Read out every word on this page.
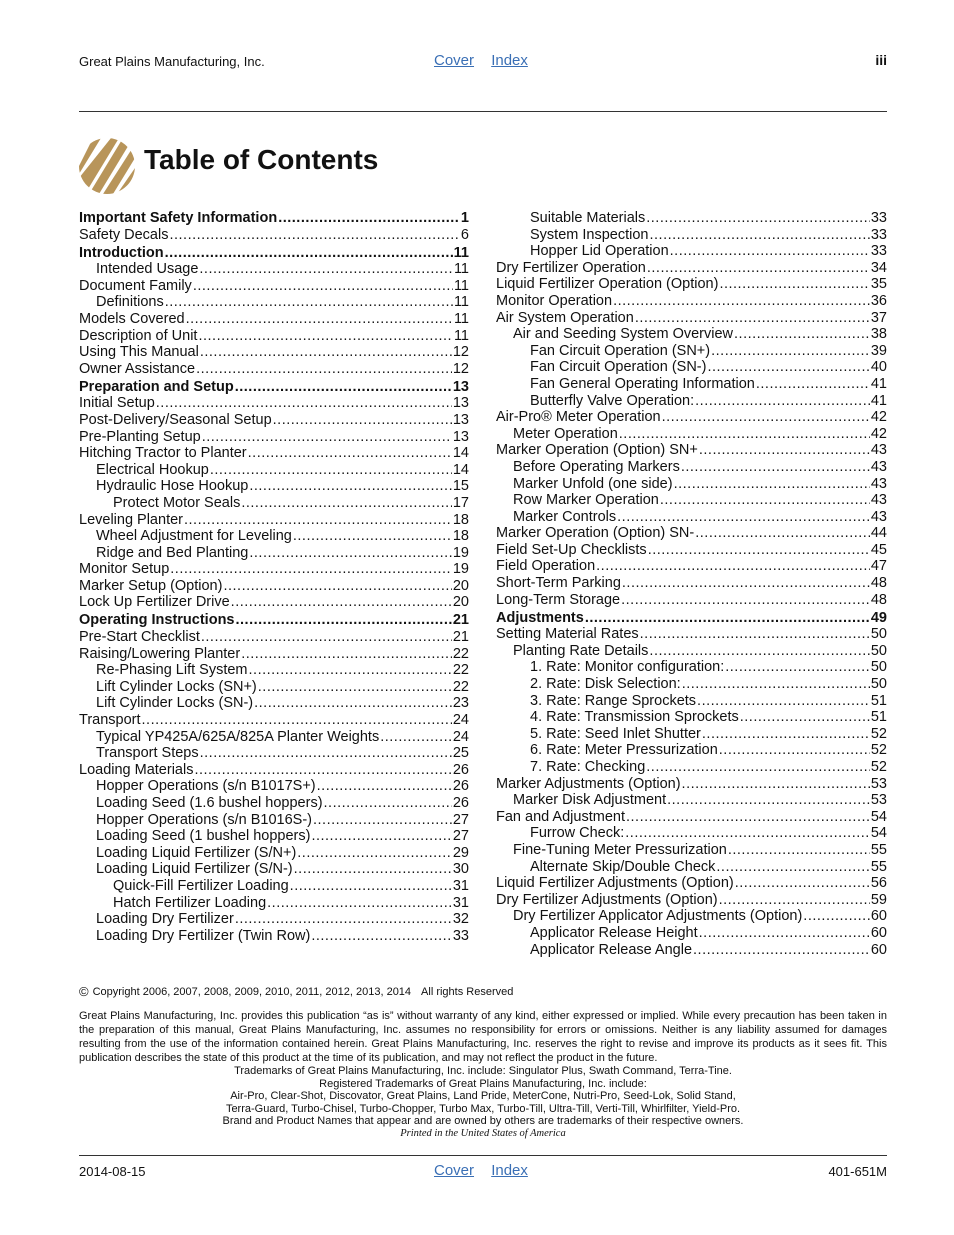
Great Plains Manufacturing, Inc.	Cover Index	iii
Table of Contents
Important Safety Information .....	1
Safety Decals .....	6
Introduction .....	11
Intended Usage .....	11
Document Family .....	11
Definitions .....	11
Models Covered .....	11
Description of Unit .....	11
Using This Manual .....	12
Owner Assistance .....	12
Preparation and Setup .....	13
Initial Setup .....	13
Post-Delivery/Seasonal Setup .....	13
Pre-Planting Setup .....	13
Hitching Tractor to Planter .....	14
Electrical Hookup .....	14
Hydraulic Hose Hookup .....	15
Protect Motor Seals .....	17
Leveling Planter .....	18
Wheel Adjustment for Leveling .....	18
Ridge and Bed Planting .....	19
Monitor Setup .....	19
Marker Setup (Option) .....	20
Lock Up Fertilizer Drive .....	20
Operating Instructions .....	21
Pre-Start Checklist .....	21
Raising/Lowering Planter .....	22
Re-Phasing Lift System .....	22
Lift Cylinder Locks (SN+) .....	22
Lift Cylinder Locks (SN-) .....	23
Transport .....	24
Typical YP425A/625A/825A Planter Weights .....	24
Transport Steps .....	25
Loading Materials .....	26
Hopper Operations (s/n B1017S+) .....	26
Loading Seed (1.6 bushel hoppers) .....	26
Hopper Operations (s/n B1016S-) .....	27
Loading Seed (1 bushel hoppers) .....	27
Loading Liquid Fertilizer (S/N+) .....	29
Loading Liquid Fertilizer (S/N-) .....	30
Quick-Fill Fertilizer Loading .....	31
Hatch Fertilizer Loading .....	31
Loading Dry Fertilizer .....	32
Loading Dry Fertilizer (Twin Row) .....	33
Suitable Materials .....	33
System Inspection .....	33
Hopper Lid Operation .....	33
Dry Fertilizer Operation .....	34
Liquid Fertilizer Operation (Option) .....	35
Monitor Operation .....	36
Air System Operation .....	37
Air and Seeding System Overview .....	38
Fan Circuit Operation (SN+) .....	39
Fan Circuit Operation (SN-) .....	40
Fan General Operating Information .....	41
Butterfly Valve Operation: .....	41
Air-Pro® Meter Operation .....	42
Meter Operation .....	42
Marker Operation (Option) SN+ .....	43
Before Operating Markers .....	43
Marker Unfold (one side) .....	43
Row Marker Operation .....	43
Marker Controls .....	43
Marker Operation (Option) SN- .....	44
Field Set-Up Checklists .....	45
Field Operation .....	47
Short-Term Parking .....	48
Long-Term Storage .....	48
Adjustments .....	49
Setting Material Rates .....	50
Planting Rate Details .....	50
1. Rate: Monitor configuration: .....	50
2. Rate: Disk Selection: .....	50
3. Rate: Range Sprockets .....	51
4. Rate: Transmission Sprockets .....	51
5. Rate: Seed Inlet Shutter .....	52
6. Rate: Meter Pressurization .....	52
7. Rate: Checking .....	52
Marker Adjustments (Option) .....	53
Marker Disk Adjustment .....	53
Fan and Adjustment .....	54
Furrow Check: .....	54
Fine-Tuning Meter Pressurization .....	55
Alternate Skip/Double Check .....	55
Liquid Fertilizer Adjustments (Option) .....	56
Dry Fertilizer Adjustments (Option) .....	59
Dry Fertilizer Applicator Adjustments (Option) .....	60
Applicator Release Height .....	60
Applicator Release Angle .....	60
© Copyright 2006, 2007, 2008, 2009, 2010, 2011, 2012, 2013, 2014 All rights Reserved
Great Plains Manufacturing, Inc. provides this publication “as is” without warranty of any kind, either expressed or implied. While every precaution has been taken in the preparation of this manual, Great Plains Manufacturing, Inc. assumes no responsibility for errors or omissions. Neither is any liability assumed for damages resulting from the use of the information contained herein. Great Plains Manufacturing, Inc. reserves the right to revise and improve its products as it sees fit. This publication describes the state of this product at the time of its publication, and may not reflect the product in the future.
Trademarks of Great Plains Manufacturing, Inc. include: Singulator Plus, Swath Command, Terra-Tine.
Registered Trademarks of Great Plains Manufacturing, Inc. include:
Air-Pro, Clear-Shot, Discovator, Great Plains, Land Pride, MeterCone, Nutri-Pro, Seed-Lok, Solid Stand,
Terra-Guard, Turbo-Chisel, Turbo-Chopper, Turbo Max, Turbo-Till, Ultra-Till, Verti-Till, Whirlfilter, Yield-Pro.
Brand and Product Names that appear and are owned by others are trademarks of their respective owners.
Printed in the United States of America
2014-08-15	Cover Index	401-651M
